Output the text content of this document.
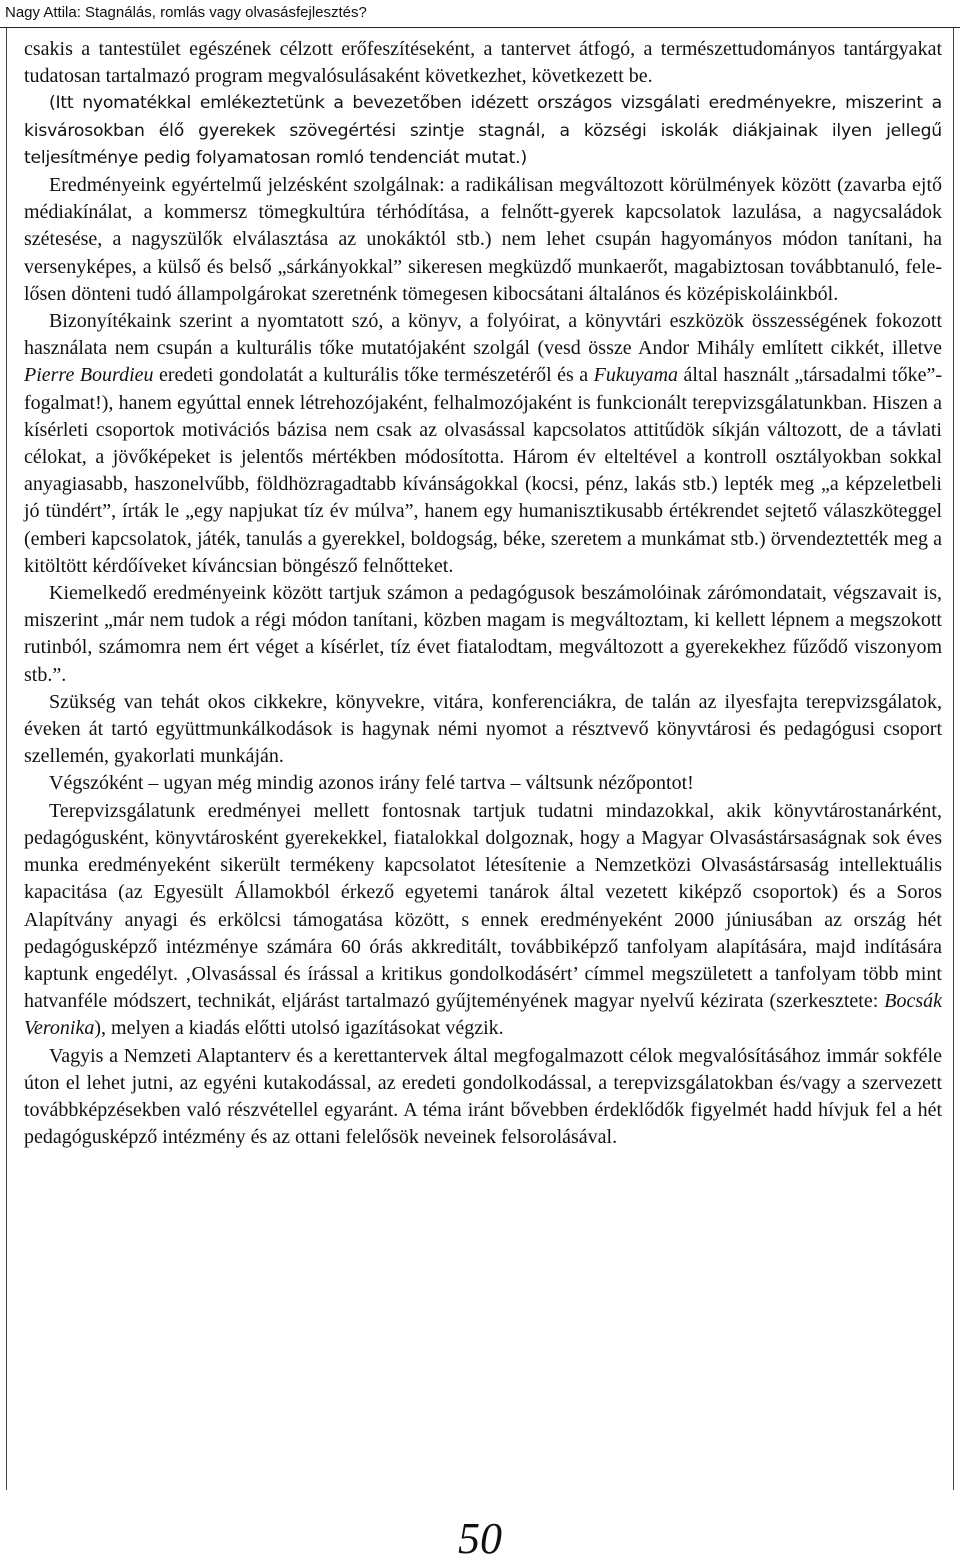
Nagy Attila: Stagnálás, romlás vagy olvasásfejlesztés?

csakis a tantestület egészének célzott erőfeszítéseként, a tantervet átfogó, a természettudományos tantárgyakat tudatosan tartalmazó program megvalósulásaként következhet, következett be.

(Itt nyomatékkal emlékeztetünk a bevezetőben idézett országos vizsgálati eredményekre, miszerint a kisvárosokban élő gyerekek szövegértési szintje stagnál, a községi iskolák diákjainak ilyen jellegű teljesítménye pedig folyamatosan romló tendenciát mutat.)

Eredményeink egyértelmű jelzésként szolgálnak: a radikálisan megváltozott körülmények között (zavarba ejtő médiakínálat, a kommersz tömegkultúra térhódítása, a felnőtt-gyerek kapcsolatok lazulása, a nagycsaládok szétesése, a nagyszülők elválasztása az unokáktól stb.) nem lehet csupán hagyományos módon tanítani, ha versenyképes, a külső és belső „sárkányokkal” sikeresen megküzdő munkaerőt, magabiztosan továbbtanuló, felelősen dönteni tudó állampolgárokat szeretnénk tömegesen kibocsátani általános és középiskoláinkból.

Bizonyítékaink szerint a nyomtatott szó, a könyv, a folyóirat, a könyvtári eszközök összességének fokozott használata nem csupán a kulturális tőke mutatójaként szolgál (vesd össze Andor Mihály említett cikkét, illetve Pierre Bourdieu eredeti gondolatát a kulturális tőke természetéről és a Fukuyama által használt „társadalmi tőke”-fogalmat!), hanem egyúttal ennek létrehozójaként, felhalmozójaként is funkcionált terepvizsgálatunkban. Hiszen a kísérleti csoportok motivációs bázisa nem csak az olvasással kapcsolatos attitűdök síkján változott, de a távlati célokat, a jövőképeket is jelentős mértékben módosította. Három év elteltével a kontroll osztályokban sokkal anyagiasabb, haszonelvűbb, földhözragadtabb kívánságokkal (kocsi, pénz, lakás stb.) lepték meg „a képzeletbeli jó tündért”, írták le „egy napjukat tíz év múlva”, hanem egy humanisztikusabb értékrendet sejtető válaszköteggel (emberi kapcsolatok, játék, tanulás a gyerekkel, boldogság, béke, szeretem a munkámat stb.) örvendeztették meg a kitöltött kérdőíveket kíváncsian böngésző felnőtteket.

Kiemelkedő eredményeink között tartjuk számon a pedagógusok beszámolóinak zárómondatait, végszavait is, miszerint „már nem tudok a régi módon tanítani, közben magam is megváltoztam, ki kellett lépnem a megszokott rutinból, számomra nem ért véget a kísérlet, tíz évet fiatalodtam, megváltozott a gyerekekhez fűződő viszonyom stb.”.

Szükség van tehát okos cikkekre, könyvekre, vitára, konferenciákra, de talán az ilyesfajta terepvizsgálatok, éveken át tartó együttmunkálkodások is hagynak némi nyomot a résztvevő könyvtárosi és pedagógusi csoport szellemén, gyakorlati munkáján.

Végszóként – ugyan még mindig azonos irány felé tartva – váltsunk nézőpontot!

Terepvizsgálatunk eredményei mellett fontosnak tartjuk tudatni mindazokkal, akik könyvtárostanárként, pedagógusként, könyvtárosként gyerekekkel, fiatalokkal dolgoznak, hogy a Magyar Olvasástársaságnak sok éves munka eredményeként sikerült termékeny kapcsolatot létesítenie a Nemzetközi Olvasástársaság intellektuális kapacitása (az Egyesült Államokból érkező egyetemi tanárok által vezetett kiképző csoportok) és a Soros Alapítvány anyagi és erkölcsi támogatása között, s ennek eredményeként 2000 júniusában az ország hét pedagógusképző intézménye számára 60 órás akkreditált, továbbiképző tanfolyam alapítására, majd indítására kaptunk engedélyt. ‚Olvasással és írással a kritikus gondolkodásért’ címmel megszületett a tanfolyam több mint hatvanféle módszert, technikát, eljárást tartalmazó gyűjteményének magyar nyelvű kézirata (szerkesztete: Bocsák Veronika), melyen a kiadás előtti utolsó igazításokat végzik.

Vagyis a Nemzeti Alaptanterv és a kerettantervek által megfogalmazott célok megvalósításához immár sokféle úton el lehet jutni, az egyéni kutakodással, az eredeti gondolkodással, a terepvizsgálatokban és/vagy a szervezett továbbképzésekben való részvétellel egyaránt. A téma iránt bővebben érdeklődők figyelmét hadd hívjuk fel a hét pedagógusképző intézmény és az ottani felelősök neveinek felsorolásával.

50
